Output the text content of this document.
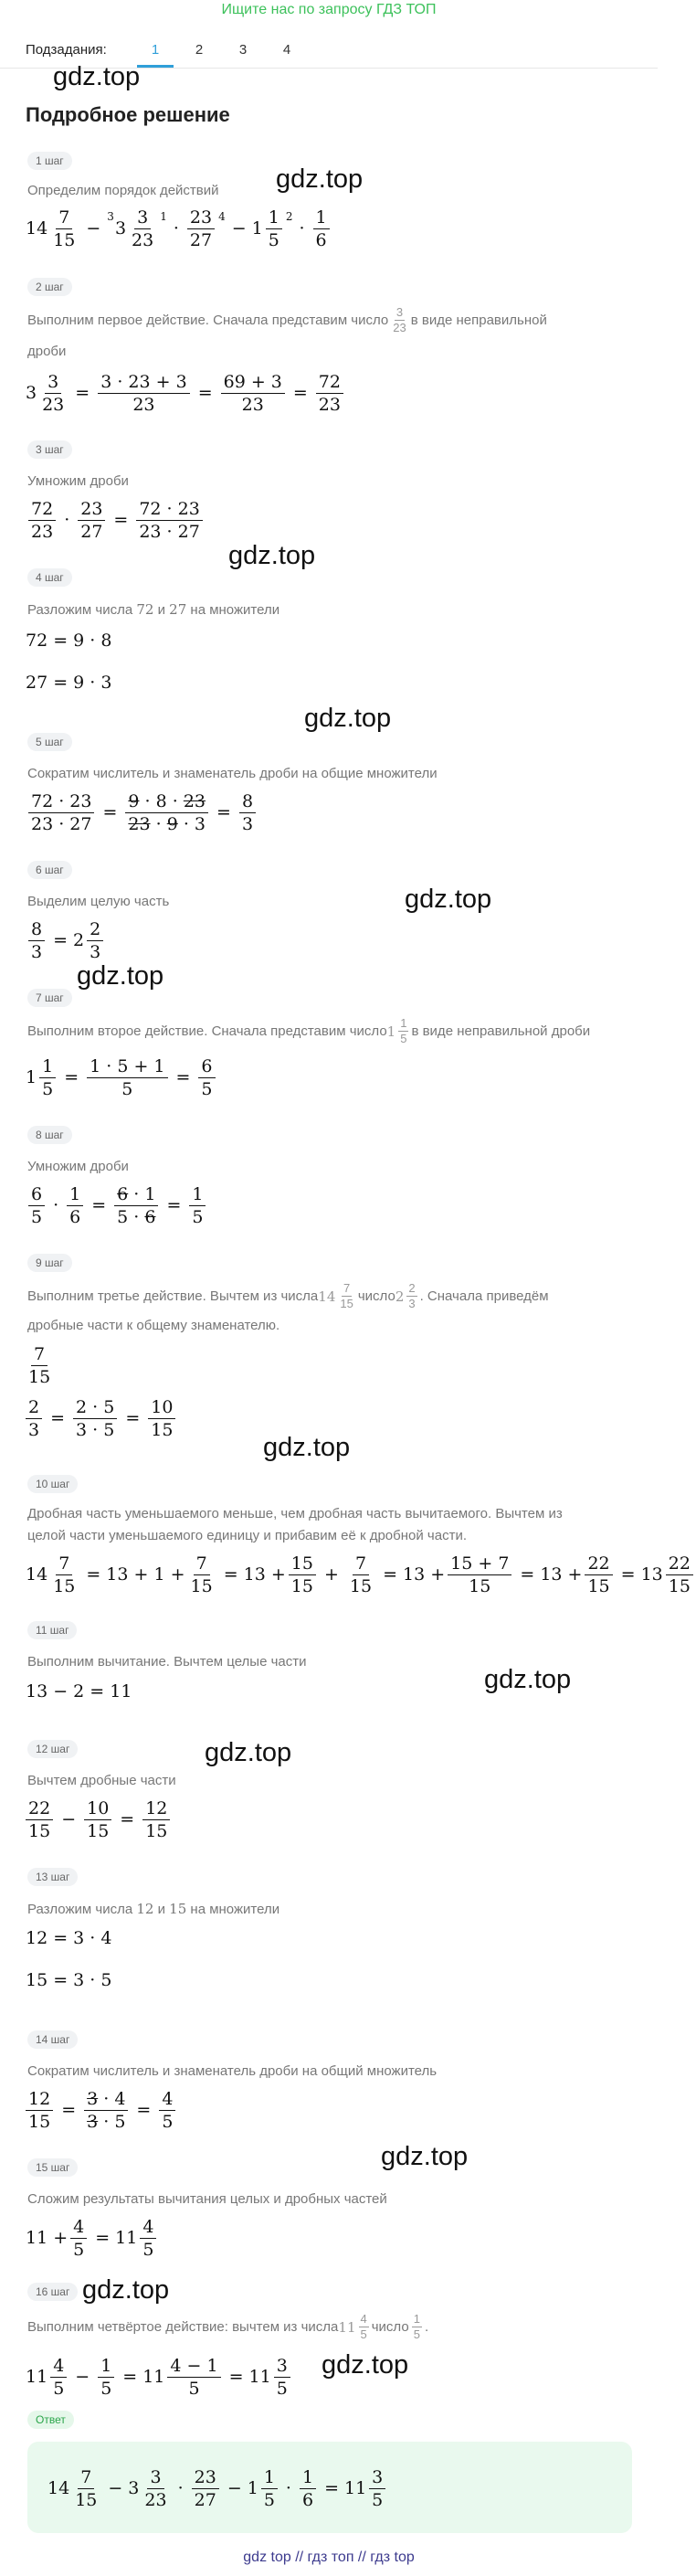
Ищите нас по запросу ГДЗ ТОП
Подзадания:	1	2	3	4
gdz.top
gdz.top
gdz.top
gdz.top
gdz.top
gdz.top
gdz.top
gdz.top
gdz.top
gdz.top
gdz.top
gdz.top
Подробное решение
1 шаг
Определим порядок действий
14
7
15
−
3
3
3
23
1
·
23
27
4
− 1
1
5
2
·
1
6
2 шаг
Выполним первое действие. Сначала представим число 3
23 в виде неправильной
дроби
$3 \frac{3}{23} = \frac{3 \cdot 23 + 3}{23} = \frac{69 + 3}{23} = \frac{72}{23}$
3 шаг
Умножим дроби
72
23
· $\frac{23}{27} = \frac{72 \cdot 23}{23 \cdot 27}$
4 шаг
Разложим числа 72 и 27 на множители
72 = 9 · 8
27 = 9 · 3
5 шаг
Сократим числитель и знаменатель дроби на общие множители
$\frac{72 \cdot 23}{23 \cdot 27} = \frac{9 \cdot 8 \cdot 23}{23 \cdot 9 \cdot 3} = \frac{8}{3}$
6 шаг
Выделим целую часть
$\frac{8}{3} = 2$
2
3
7 шаг
Выполним второе действие. Сначала представим число 1 1
5 в виде неправильной дроби
$1 \frac{1}{5} = \frac{1 \cdot 5 + 1}{5} = \frac{6}{5}$
8 шаг
Умножим дроби
6
5
· $\frac{1}{6} = \frac{6 \cdot 1}{5 \cdot 6} = \frac{1}{5}$
9 шаг
Выполним третье действие. Вычтем из числа 14 7
15 число 2 2
3 . Сначала приведём
дробные части к общему знаменателю.
7
15
$\frac{2}{3} = \frac{2 \cdot 5}{3 \cdot 5} = \frac{10}{15}$
10 шаг
Дробная часть уменьшаемого меньше, чем дробная часть вычитаемого. Вычтем из
целой части уменьшаемого единицу и прибавим её к дробной части.
$14 \frac{7}{15} = 13 + 1 + \frac{7}{15} = 13 + \frac{15}{15} + \frac{7}{15} = 13 + \frac{15 + 7}{15} = 13 + \frac{22}{15} = 13$
22
15
11 шаг
Выполним вычитание. Вычтем целые части
13 − 2 = 11
12 шаг
Вычтем дробные части
22
15
− $\frac{10}{15} = \frac{12}{15}$
13 шаг
Разложим числа 12 и 15 на множители
12 = 3 · 4
15 = 3 · 5
14 шаг
Сократим числитель и знаменатель дроби на общий множитель
$\frac{12}{15} = \frac{3 \cdot 4}{3 \cdot 5} = \frac{4}{5}$
15 шаг
Сложим результаты вычитания целых и дробных частей
$11 + \frac{4}{5} = 11$
4
5
16 шаг
Выполним четвёртое действие: вычтем из числа 11 4
5 число 1
5 .
11
4
5
− $\frac{1}{5} = 11 \frac{4 - 1}{5} = 11$
3
5
Ответ
14
7
15
− 3
3
23
·
23
27
− 1
1
5
· $\frac{1}{6} = 11$
3
5
gdz top // гдз топ // гдз top
